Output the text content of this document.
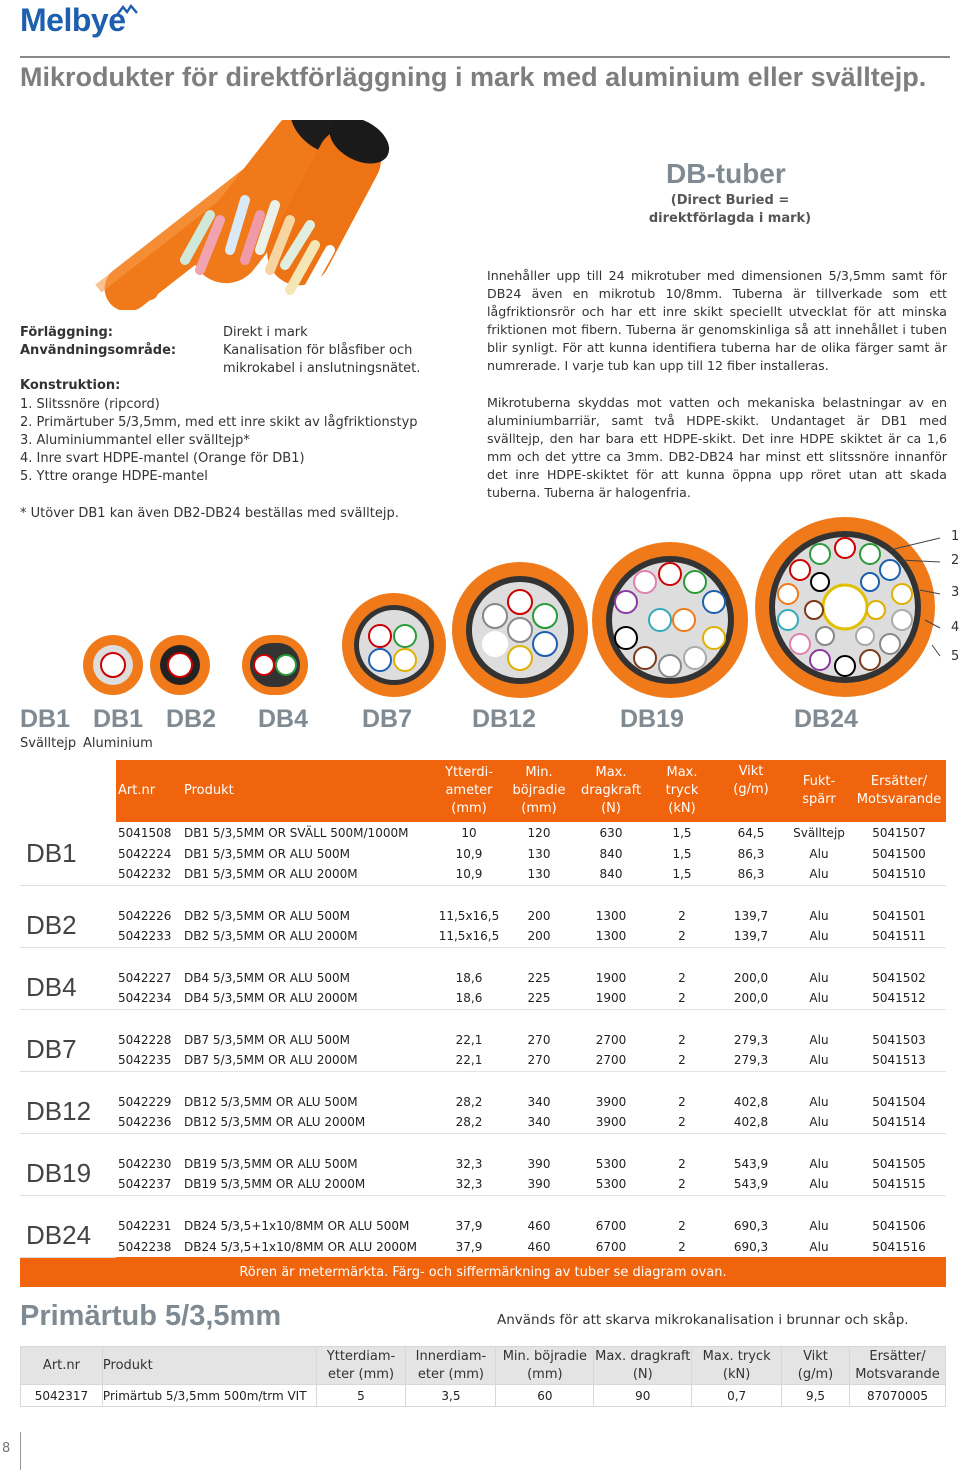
Melbye
Mikrodukter för direktförläggning i mark med aluminium eller svälltejp.
DB-tuber
(Direct Buried =
direktförlagda i mark)
Förläggning:	Direkt i mark
Användningsområde:	Kanalisation för blåsfiber och
mikrokabel i anslutningsnätet.
Konstruktion:
1. Slitssnöre (ripcord)
2. Primärtuber 5/3,5mm, med ett inre skikt av lågfriktionstyp
3. Aluminiummantel eller svälltejp*
4. Inre svart HDPE-mantel (Orange för DB1)
5. Yttre orange HDPE-mantel
* Utöver DB1 kan även DB2-DB24 beställas med svälltejp.
Innehåller upp till 24 mikrotuber med dimensionen 5/3,5mm samt för DB24 även en mikrotub 10/8mm. Tuberna är tillverkade som ett lågfriktionsrör och har ett inre skikt speciellt utvecklat för att minska friktionen mot fibern. Tuberna är genomskinliga så att innehållet i tuben blir synligt. För att kunna identifiera tuberna har de olika färger samt är numrerade. I varje tub kan upp till 12 fiber installeras.
Mikrotuberna skyddas mot vatten och mekaniska belastningar av en aluminiumbarriär, samt två HDPE-skikt. Undantaget är DB1 med svälltejp, den har bara ett HDPE-skikt. Det inre HDPE skiktet är ca 1,6 mm och det yttre ca 3mm. DB2-DB24 har minst ett slitssnöre innanför det inre HDPE-skiktet för att kunna öppna upp röret utan att skada tuberna. Tuberna är halogenfria.
1
2
3
4
5
DB1 DB1 DB2 DB4 DB7 DB12	DB19	DB24
Svälltejp Aluminium
	Art.nr	Produkt	Ytterdi-
ameter
(mm)	Min.
böjradie
(mm)	Max.
dragkraft
(N)	Max.
tryck
(kN)	Vikt
(g/m)	Fukt-
spärr	Ersätter/
Motsvarande
DB1	5041508	DB1 5/3,5MM OR SVÄLL 500M/1000M	10	120	630	1,5	64,5	Svälltejp	5041507
	5042224	DB1 5/3,5MM OR ALU 500M	10,9	130	840	1,5	86,3	Alu	5041500
	5042232	DB1 5/3,5MM OR ALU 2000M	10,9	130	840	1,5	86,3	Alu	5041510

DB2	5042226	DB2 5/3,5MM OR ALU 500M	11,5x16,5	200	1300	2	139,7	Alu	5041501
	5042233	DB2 5/3,5MM OR ALU 2000M	11,5x16,5	200	1300	2	139,7	Alu	5041511

DB4	5042227	DB4 5/3,5MM OR ALU 500M	18,6	225	1900	2	200,0	Alu	5041502
	5042234	DB4 5/3,5MM OR ALU 2000M	18,6	225	1900	2	200,0	Alu	5041512

DB7	5042228	DB7 5/3,5MM OR ALU 500M	22,1	270	2700	2	279,3	Alu	5041503
	5042235	DB7 5/3,5MM OR ALU 2000M	22,1	270	2700	2	279,3	Alu	5041513

DB12	5042229	DB12 5/3,5MM OR ALU 500M	28,2	340	3900	2	402,8	Alu	5041504
	5042236	DB12 5/3,5MM OR ALU 2000M	28,2	340	3900	2	402,8	Alu	5041514

DB19	5042230	DB19 5/3,5MM OR ALU 500M	32,3	390	5300	2	543,9	Alu	5041505
	5042237	DB19 5/3,5MM OR ALU 2000M	32,3	390	5300	2	543,9	Alu	5041515

DB24	5042231	DB24 5/3,5+1x10/8MM OR ALU 500M	37,9	460	6700	2	690,3	Alu	5041506
	5042238	DB24 5/3,5+1x10/8MM OR ALU 2000M	37,9	460	6700	2	690,3	Alu	5041516
Rören är metermärkta. Färg- och siffermärkning av tuber se diagram ovan.									
Primärtub 5/3,5mm	Används för att skarva mikrokanalisation i brunnar och skåp.
Art.nr	Produkt	Ytterdiam-
eter (mm)	Innerdiam-
eter (mm)	Min. böjradie
(mm)	Max. dragkraft
(N)	Max. tryck
(kN)	Vikt
(g/m)	Ersätter/
Motsvarande
5042317	Primärtub 5/3,5mm 500m/trm VIT	5	3,5	60	90	0,7	9,5	87070005
8
